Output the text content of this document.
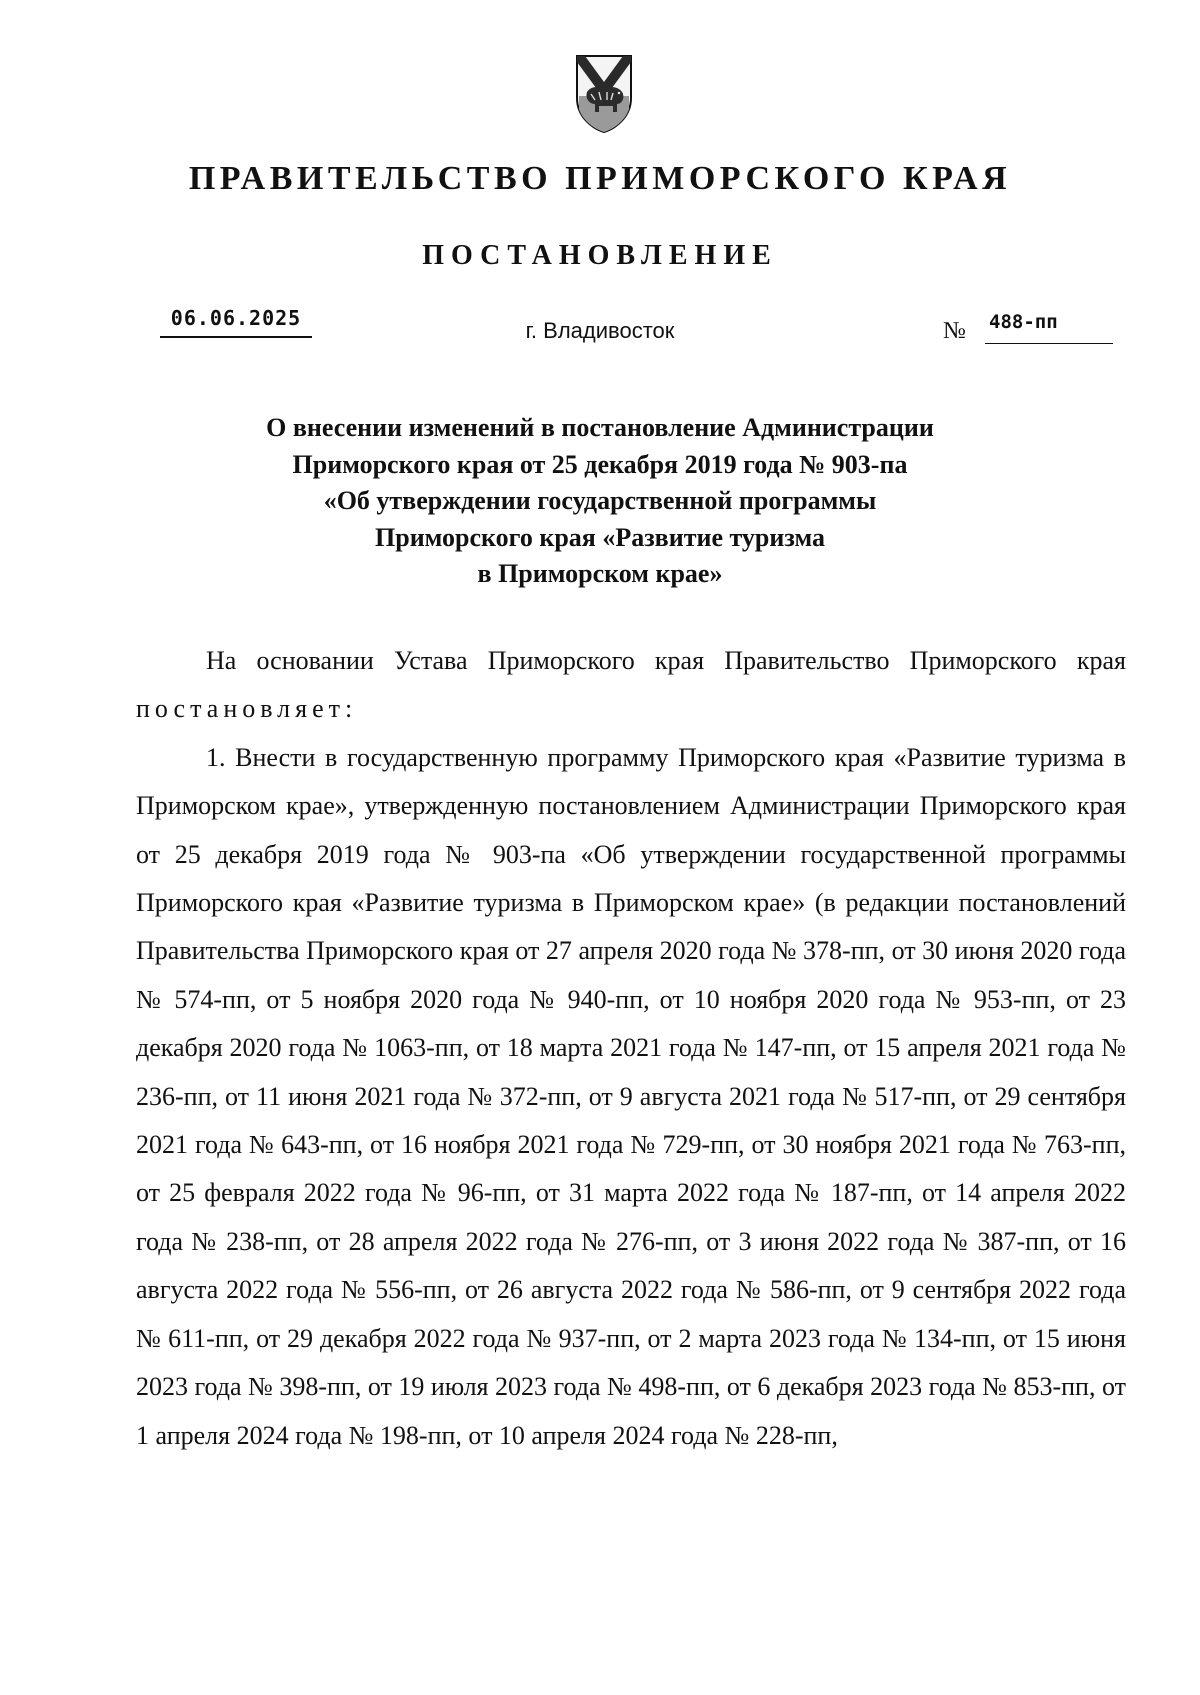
ПРАВИТЕЛЬСТВО ПРИМОРСКОГО КРАЯ
ПОСТАНОВЛЕНИЕ
06.06.2025	г. Владивосток	№ 488-пп
О внесении изменений в постановление Администрации
Приморского края от 25 декабря 2019 года № 903-па
«Об утверждении государственной программы
Приморского края «Развитие туризма
в Приморском крае»

На основании Устава Приморского края Правительство Приморского края постановляет:

1. Внести в государственную программу Приморского края «Развитие туризма в Приморском крае», утвержденную постановлением Администрации Приморского края от 25 декабря 2019 года № 903-па «Об утверждении государственной программы Приморского края «Развитие туризма в Приморском крае» (в редакции постановлений Правительства Приморского края от 27 апреля 2020 года № 378-пп, от 30 июня 2020 года № 574-пп, от 5 ноября 2020 года № 940-пп, от 10 ноября 2020 года № 953-пп, от 23 декабря 2020 года № 1063-пп, от 18 марта 2021 года № 147-пп, от 15 апреля 2021 года № 236-пп, от 11 июня 2021 года № 372-пп, от 9 августа 2021 года № 517-пп, от 29 сентября 2021 года № 643-пп, от 16 ноября 2021 года № 729-пп, от 30 ноября 2021 года № 763-пп, от 25 февраля 2022 года № 96-пп, от 31 марта 2022 года № 187-пп, от 14 апреля 2022 года № 238-пп, от 28 апреля 2022 года № 276-пп, от 3 июня 2022 года № 387-пп, от 16 августа 2022 года № 556-пп, от 26 августа 2022 года № 586-пп, от 9 сентября 2022 года № 611-пп, от 29 декабря 2022 года № 937-пп, от 2 марта 2023 года № 134-пп, от 15 июня 2023 года № 398-пп, от 19 июля 2023 года № 498-пп, от 6 декабря 2023 года № 853-пп, от 1 апреля 2024 года № 198-пп, от 10 апреля 2024 года № 228-пп,
